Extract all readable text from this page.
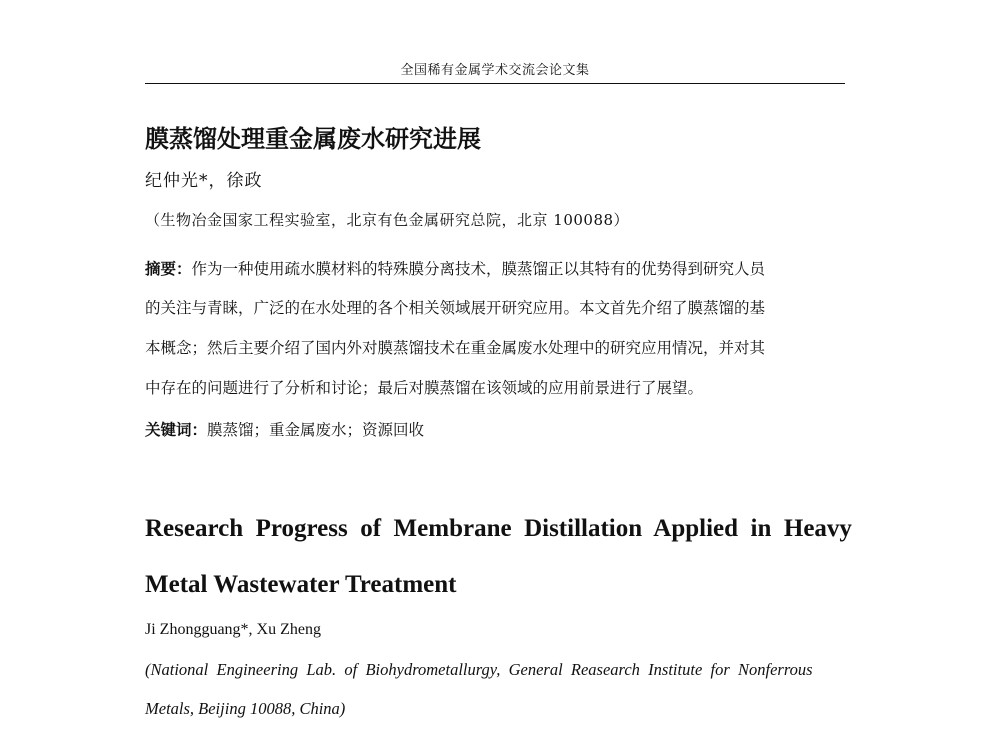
全国稀有金属学术交流会论文集
膜蒸馏处理重金属废水研究进展
纪仲光*，徐政
（生物冶金国家工程实验室，北京有色金属研究总院，北京 100088）
摘要：作为一种使用疏水膜材料的特殊膜分离技术，膜蒸馏正以其特有的优势得到研究人员
的关注与青睐，广泛的在水处理的各个相关领域展开研究应用。本文首先介绍了膜蒸馏的基
本概念；然后主要介绍了国内外对膜蒸馏技术在重金属废水处理中的研究应用情况，并对其
中存在的问题进行了分析和讨论；最后对膜蒸馏在该领域的应用前景进行了展望。
关键词：膜蒸馏；重金属废水；资源回收
Research  Progress  of  Membrane  Distillation  Applied  in  Heavy
Metal Wastewater Treatment
Ji Zhongguang*, Xu Zheng
(National  Engineering  Lab.  of  Biohydrometallurgy,  General  Reasearch  Institute  for  Nonferrous
Metals, Beijing 10088, China)
